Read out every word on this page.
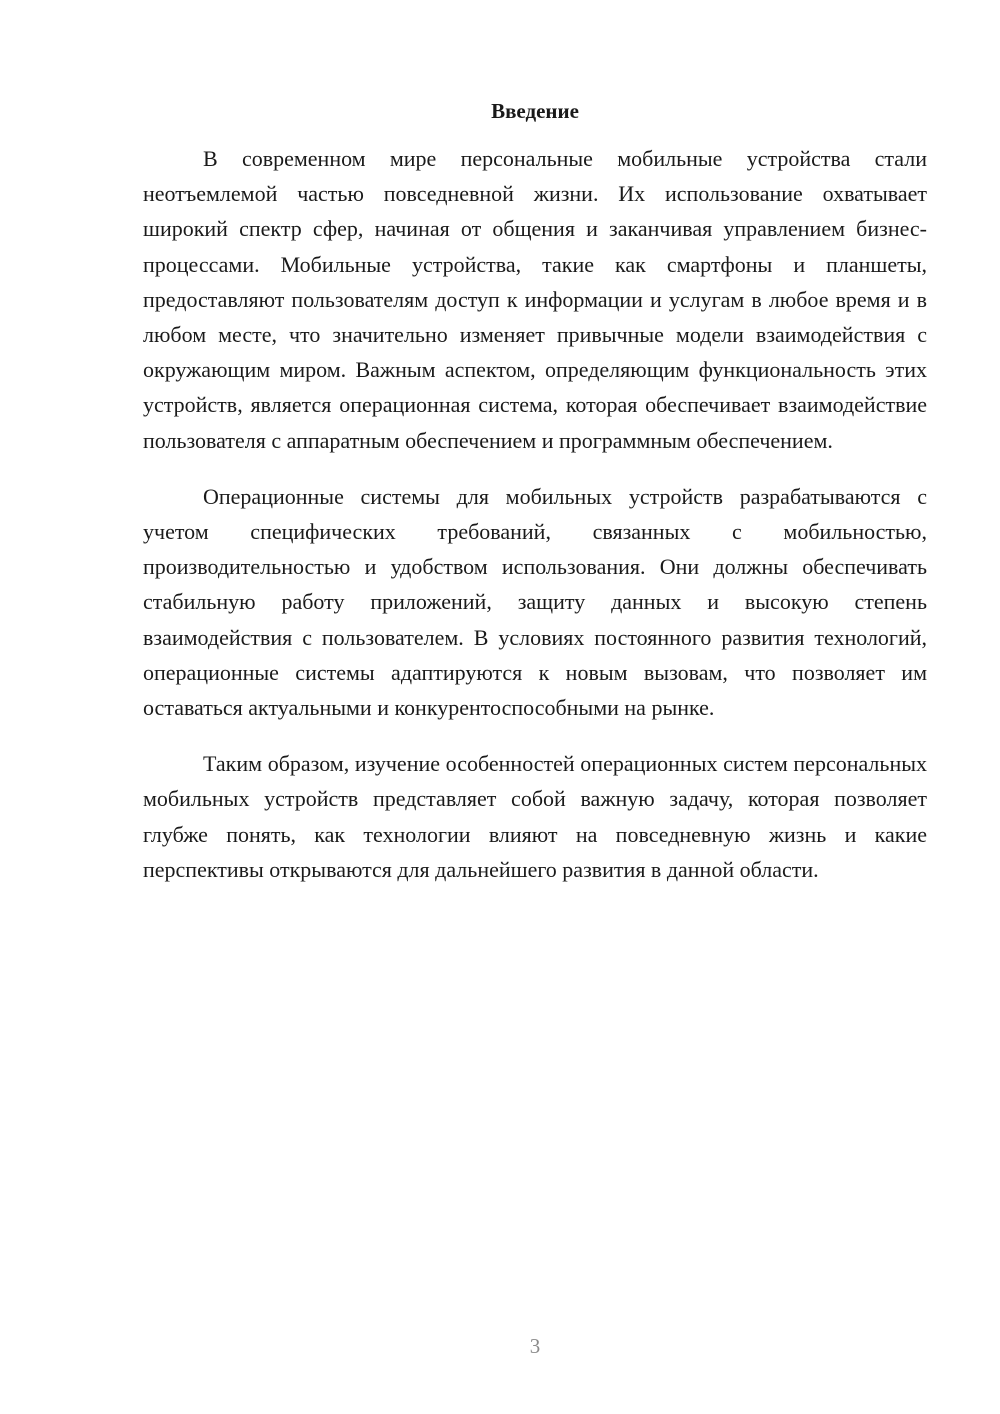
Введение

В современном мире персональные мобильные устройства стали неотъемлемой частью повседневной жизни. Их использование охватывает широкий спектр сфер, начиная от общения и заканчивая управлением бизнес-процессами. Мобильные устройства, такие как смартфоны и планшеты, предоставляют пользователям доступ к информации и услугам в любое время и в любом месте, что значительно изменяет привычные модели взаимодействия с окружающим миром. Важным аспектом, определяющим функциональность этих устройств, является операционная система, которая обеспечивает взаимодействие пользователя с аппаратным обеспечением и программным обеспечением.

Операционные системы для мобильных устройств разрабатываются с учетом специфических требований, связанных с мобильностью, производительностью и удобством использования. Они должны обеспечивать стабильную работу приложений, защиту данных и высокую степень взаимодействия с пользователем. В условиях постоянного развития технологий, операционные системы адаптируются к новым вызовам, что позволяет им оставаться актуальными и конкурентоспособными на рынке.

Таким образом, изучение особенностей операционных систем персональных мобильных устройств представляет собой важную задачу, которая позволяет глубже понять, как технологии влияют на повседневную жизнь и какие перспективы открываются для дальнейшего развития в данной области.

3
